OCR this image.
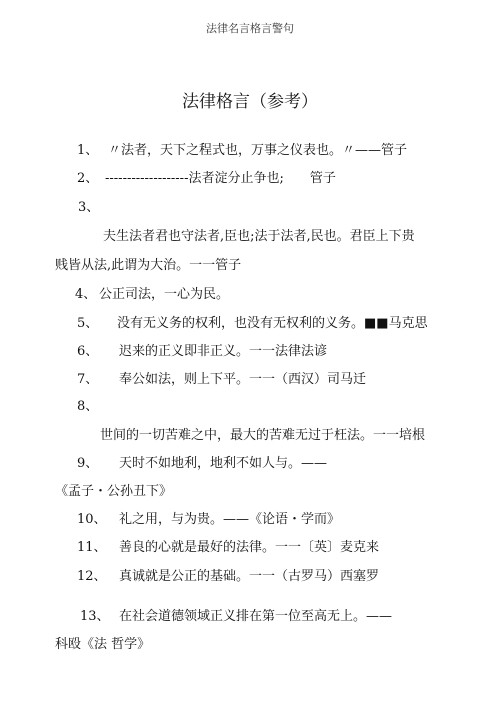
法律名言格言警句
法律格言（参考）
1、 〃法者，天下之程式也，万事之仪表也。〃——管子
2、 -------------------法者淀分止争也;　　管子
3、
夫生法者君也守法者,臣也;法于法者,民也。君臣上下贵
贱皆从法,此谓为大治。一一管子
4、 公正司法，一心为民。
5、 没有无义务的权利，也没有无权利的义务。■■马克思
6、 迟来的正义即非正义。一一法律法谚
7、 奉公如法，则上下平。一一（西汉）司马迁
8、
世间的一切苦难之中，最大的苦难无过于枉法。一一培根
9、 天时不如地利，地利不如人与。——
《孟子・公孙丑下》
10、 礼之用，与为贵。——《论语・学而》
11、 善良的心就是最好的法律。一一〔英〕麦克来
12、 真诚就是公正的基础。一一（古罗马）西塞罗
13、 在社会道德领域正义排在第一位至高无上。——
科殴《法 哲学》
